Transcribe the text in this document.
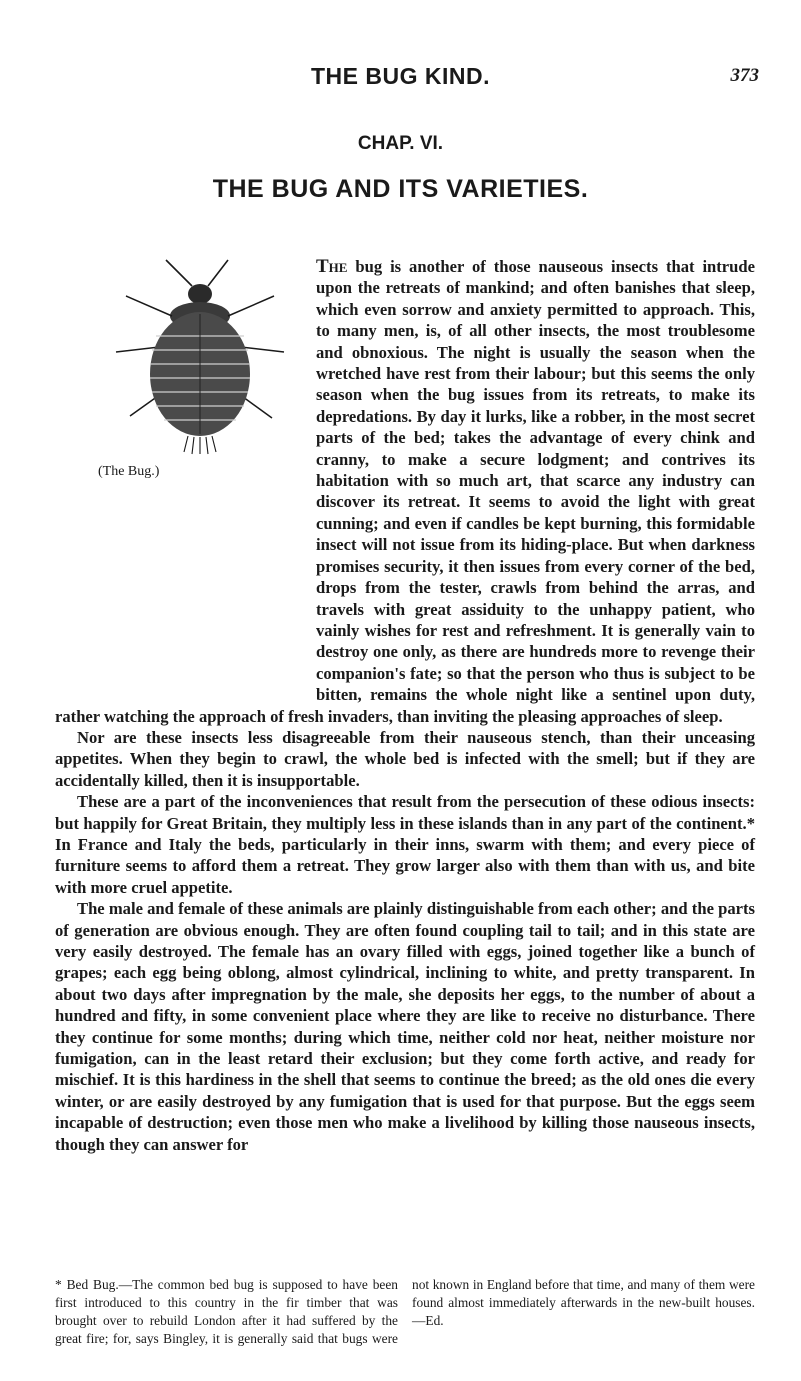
THE BUG KIND.	373
CHAP. VI.
THE BUG AND ITS VARIETIES.
(The Bug.)

The bug is another of those nauseous insects that intrude upon the retreats of mankind; and often banishes that sleep, which even sorrow and anxiety permitted to approach. This, to many men, is, of all other insects, the most troublesome and obnoxious. The night is usually the season when the wretched have rest from their labour; but this seems the only season when the bug issues from its retreats, to make its depredations. By day it lurks, like a robber, in the most secret parts of the bed; takes the advantage of every chink and cranny, to make a secure lodgment; and contrives its habitation with so much art, that scarce any industry can discover its retreat. It seems to avoid the light with great cunning; and even if candles be kept burning, this formidable insect will not issue from its hiding-place. But when darkness promises security, it then issues from every corner of the bed, drops from the tester, crawls from behind the arras, and travels with great assiduity to the unhappy patient, who vainly wishes for rest and refreshment. It is generally vain to destroy one only, as there are hundreds more to revenge their companion's fate; so that the person who thus is subject to be bitten, remains the whole night like a sentinel upon duty, rather watching the approach of fresh invaders, than inviting the pleasing approaches of sleep.

Nor are these insects less disagreeable from their nauseous stench, than their unceasing appetites. When they begin to crawl, the whole bed is infected with the smell; but if they are accidentally killed, then it is insupportable.

These are a part of the inconveniences that result from the persecution of these odious insects: but happily for Great Britain, they multiply less in these islands than in any part of the continent.* In France and Italy the beds, particularly in their inns, swarm with them; and every piece of furniture seems to afford them a retreat. They grow larger also with them than with us, and bite with more cruel appetite.

The male and female of these animals are plainly distinguishable from each other; and the parts of generation are obvious enough. They are often found coupling tail to tail; and in this state are very easily destroyed. The female has an ovary filled with eggs, joined together like a bunch of grapes; each egg being oblong, almost cylindrical, inclining to white, and pretty transparent. In about two days after impregnation by the male, she deposits her eggs, to the number of about a hundred and fifty, in some convenient place where they are like to receive no disturbance. There they continue for some months; during which time, neither cold nor heat, neither moisture nor fumigation, can in the least retard their exclusion; but they come forth active, and ready for mischief. It is this hardiness in the shell that seems to continue the breed; as the old ones die every winter, or are easily destroyed by any fumigation that is used for that purpose. But the eggs seem incapable of destruction; even those men who make a livelihood by killing those nauseous insects, though they can answer for

* Bed Bug.—The common bed bug is supposed to have been first introduced to this country in the fir timber that was brought over to rebuild London after it had suffered by the great fire; for, says Bingley, it is generally said that bugs were not known in England before that time, and many of them were found almost immediately afterwards in the new-built houses.—Ed.
